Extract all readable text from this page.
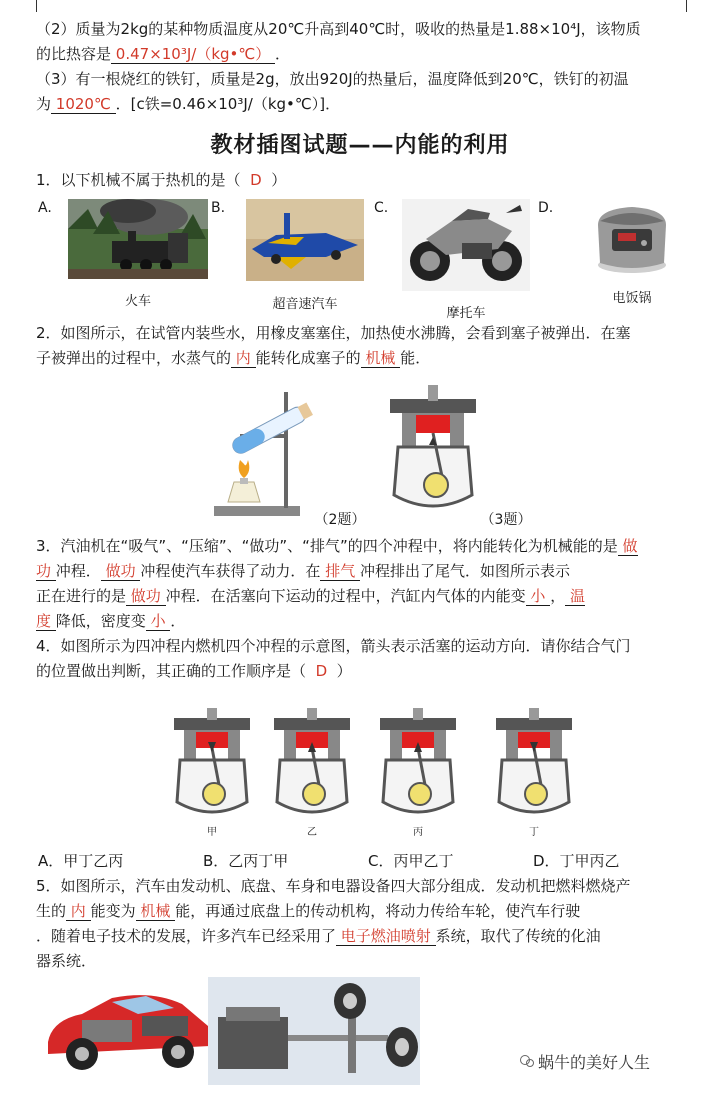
（2）质量为2kg的某种物质温度从20℃升高到40℃时，吸收的热量是1.88×10⁴J，该物质
的比热容是 0.47×10³J/（kg•℃） ．
（3）有一根烧红的铁钉，质量是2g，放出920J的热量后，温度降低到20℃，铁钉的初温
为 1020℃ ．[c铁=0.46×10³J/（kg•℃）]．
教材插图试题——内能的利用
1．以下机械不属于热机的是（ D ）
A.
火车
B.
超音速汽车
C.
摩托车
D.
电饭锅
2．如图所示，在试管内装些水，用橡皮塞塞住，加热使水沸腾，会看到塞子被弹出．在塞
子被弹出的过程中，水蒸气的 内 能转化成塞子的 机械 能．
（2题）	（3题）
3．汽油机在“吸气”、“压缩”、“做功”、“排气”的四个冲程中，将内能转化为机械能的是 做
功 冲程． 做功 冲程使汽车获得了动力．在 排气 冲程排出了尾气．如图所示表示
正在进行的是 做功 冲程．在活塞向下运动的过程中，汽缸内气体的内能变 小 ， 温
度 降低，密度变 小 ．
4．如图所示为四冲程内燃机四个冲程的示意图，箭头表示活塞的运动方向．请你结合气门
的位置做出判断，其正确的工作顺序是（ D ）
甲	乙	丙	丁
A．甲丁乙丙	B．乙丙丁甲	C．丙甲乙丁	D．丁甲丙乙
5．如图所示，汽车由发动机、底盘、车身和电器设备四大部分组成．发动机把燃料燃烧产
生的 内 能变为 机械 能，再通过底盘上的传动机构，将动力传给车轮，使汽车行驶
．随着电子技术的发展，许多汽车已经采用了 电子燃油喷射 系统，取代了传统的化油
器系统．
蜗牛的美好人生
